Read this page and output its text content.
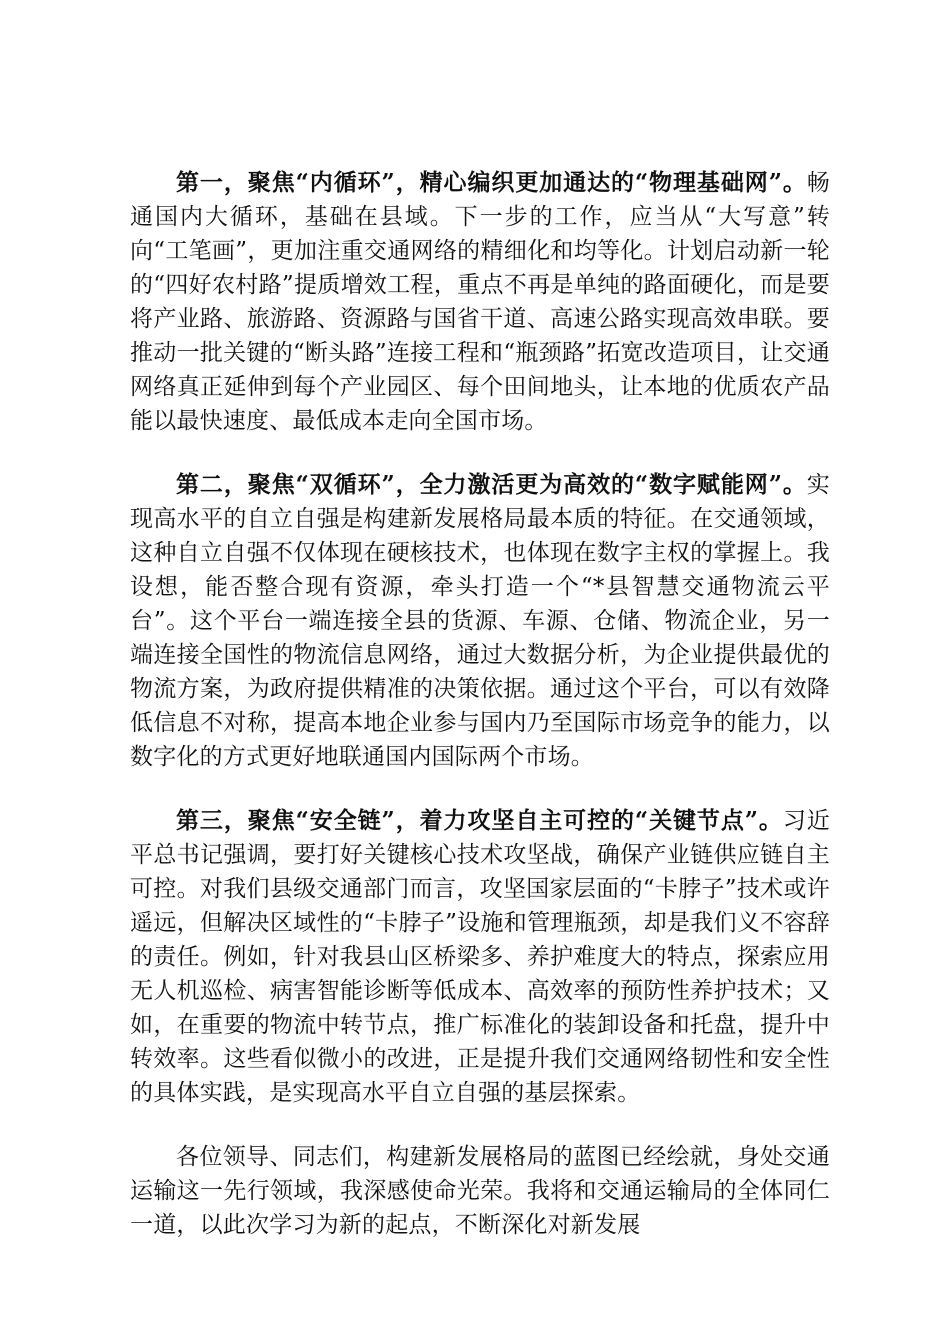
第一，聚焦“内循环”，精心编织更加通达的“物理基础网”。畅通国内大循环，基础在县域。下一步的工作，应当从“大写意”转向“工笔画”，更加注重交通网络的精细化和均等化。计划启动新一轮的“四好农村路”提质增效工程，重点不再是单纯的路面硬化，而是要将产业路、旅游路、资源路与国省干道、高速公路实现高效串联。要推动一批关键的“断头路”连接工程和“瓶颈路”拓宽改造项目，让交通网络真正延伸到每个产业园区、每个田间地头，让本地的优质农产品能以最快速度、最低成本走向全国市场。

第二，聚焦“双循环”，全力激活更为高效的“数字赋能网”。实现高水平的自立自强是构建新发展格局最本质的特征。在交通领域，这种自立自强不仅体现在硬核技术，也体现在数字主权的掌握上。我设想，能否整合现有资源，牵头打造一个“*县智慧交通物流云平台”。这个平台一端连接全县的货源、车源、仓储、物流企业，另一端连接全国性的物流信息网络，通过大数据分析，为企业提供最优的物流方案，为政府提供精准的决策依据。通过这个平台，可以有效降低信息不对称，提高本地企业参与国内乃至国际市场竞争的能力，以数字化的方式更好地联通国内国际两个市场。

第三，聚焦“安全链”，着力攻坚自主可控的“关键节点”。习近平总书记强调，要打好关键核心技术攻坚战，确保产业链供应链自主可控。对我们县级交通部门而言，攻坚国家层面的“卡脖子”技术或许遥远，但解决区域性的“卡脖子”设施和管理瓶颈，却是我们义不容辞的责任。例如，针对我县山区桥梁多、养护难度大的特点，探索应用无人机巡检、病害智能诊断等低成本、高效率的预防性养护技术；又如，在重要的物流中转节点，推广标准化的装卸设备和托盘，提升中转效率。这些看似微小的改进，正是提升我们交通网络韧性和安全性的具体实践，是实现高水平自立自强的基层探索。

各位领导、同志们，构建新发展格局的蓝图已经绘就，身处交通运输这一先行领域，我深感使命光荣。我将和交通运输局的全体同仁一道，以此次学习为新的起点，不断深化对新发展
